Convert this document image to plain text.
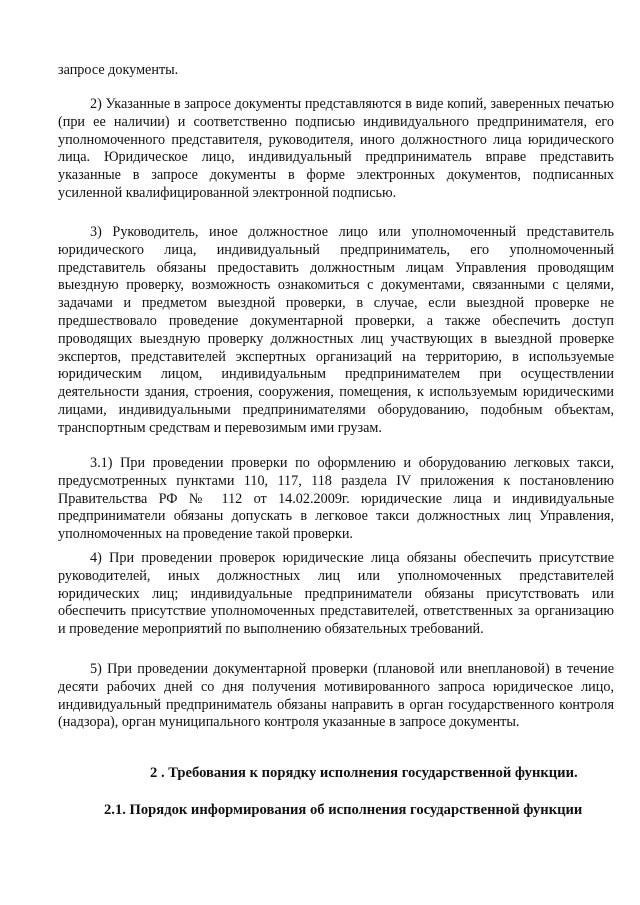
запросе документы.

2) Указанные в запросе документы представляются в виде копий, заверенных печатью (при ее наличии) и соответственно подписью индивидуального предпринимателя, его уполномоченного представителя, руководителя, иного должностного лица юридического лица. Юридическое лицо, индивидуальный предприниматель вправе представить указанные в запросе документы в форме электронных документов, подписанных усиленной квалифицированной электронной подписью.

3) Руководитель, иное должностное лицо или уполномоченный представитель юридического лица, индивидуальный предприниматель, его уполномоченный представитель обязаны предоставить должностным лицам Управления проводящим выездную проверку, возможность ознакомиться с документами, связанными с целями, задачами и предметом выездной проверки, в случае, если выездной проверке не предшествовало проведение документарной проверки, а также обеспечить доступ проводящих выездную проверку должностных лиц участвующих в выездной проверке экспертов, представителей экспертных организаций на территорию, в используемые юридическим лицом, индивидуальным предпринимателем при осуществлении деятельности здания, строения, сооружения, помещения, к используемым юридическими лицами, индивидуальными предпринимателями оборудованию, подобным объектам, транспортным средствам и перевозимым ими грузам.

3.1) При проведении проверки по оформлению и оборудованию легковых такси, предусмотренных пунктами 110, 117, 118 раздела IV приложения к постановлению Правительства РФ № 112 от 14.02.2009г. юридические лица и индивидуальные предприниматели обязаны допускать в легковое такси должностных лиц Управления, уполномоченных на проведение такой проверки.

4) При проведении проверок юридические лица обязаны обеспечить присутствие руководителей, иных должностных лиц или уполномоченных представителей юридических лиц; индивидуальные предприниматели обязаны присутствовать или обеспечить присутствие уполномоченных представителей, ответственных за организацию и проведение мероприятий по выполнению обязательных требований.

5) При проведении документарной проверки (плановой или внеплановой) в течение десяти рабочих дней со дня получения мотивированного запроса юридическое лицо, индивидуальный предприниматель обязаны направить в орган государственного контроля (надзора), орган муниципального контроля указанные в запросе документы.

2 . Требования к порядку исполнения государственной функции.

2.1. Порядок информирования об исполнения государственной функции
